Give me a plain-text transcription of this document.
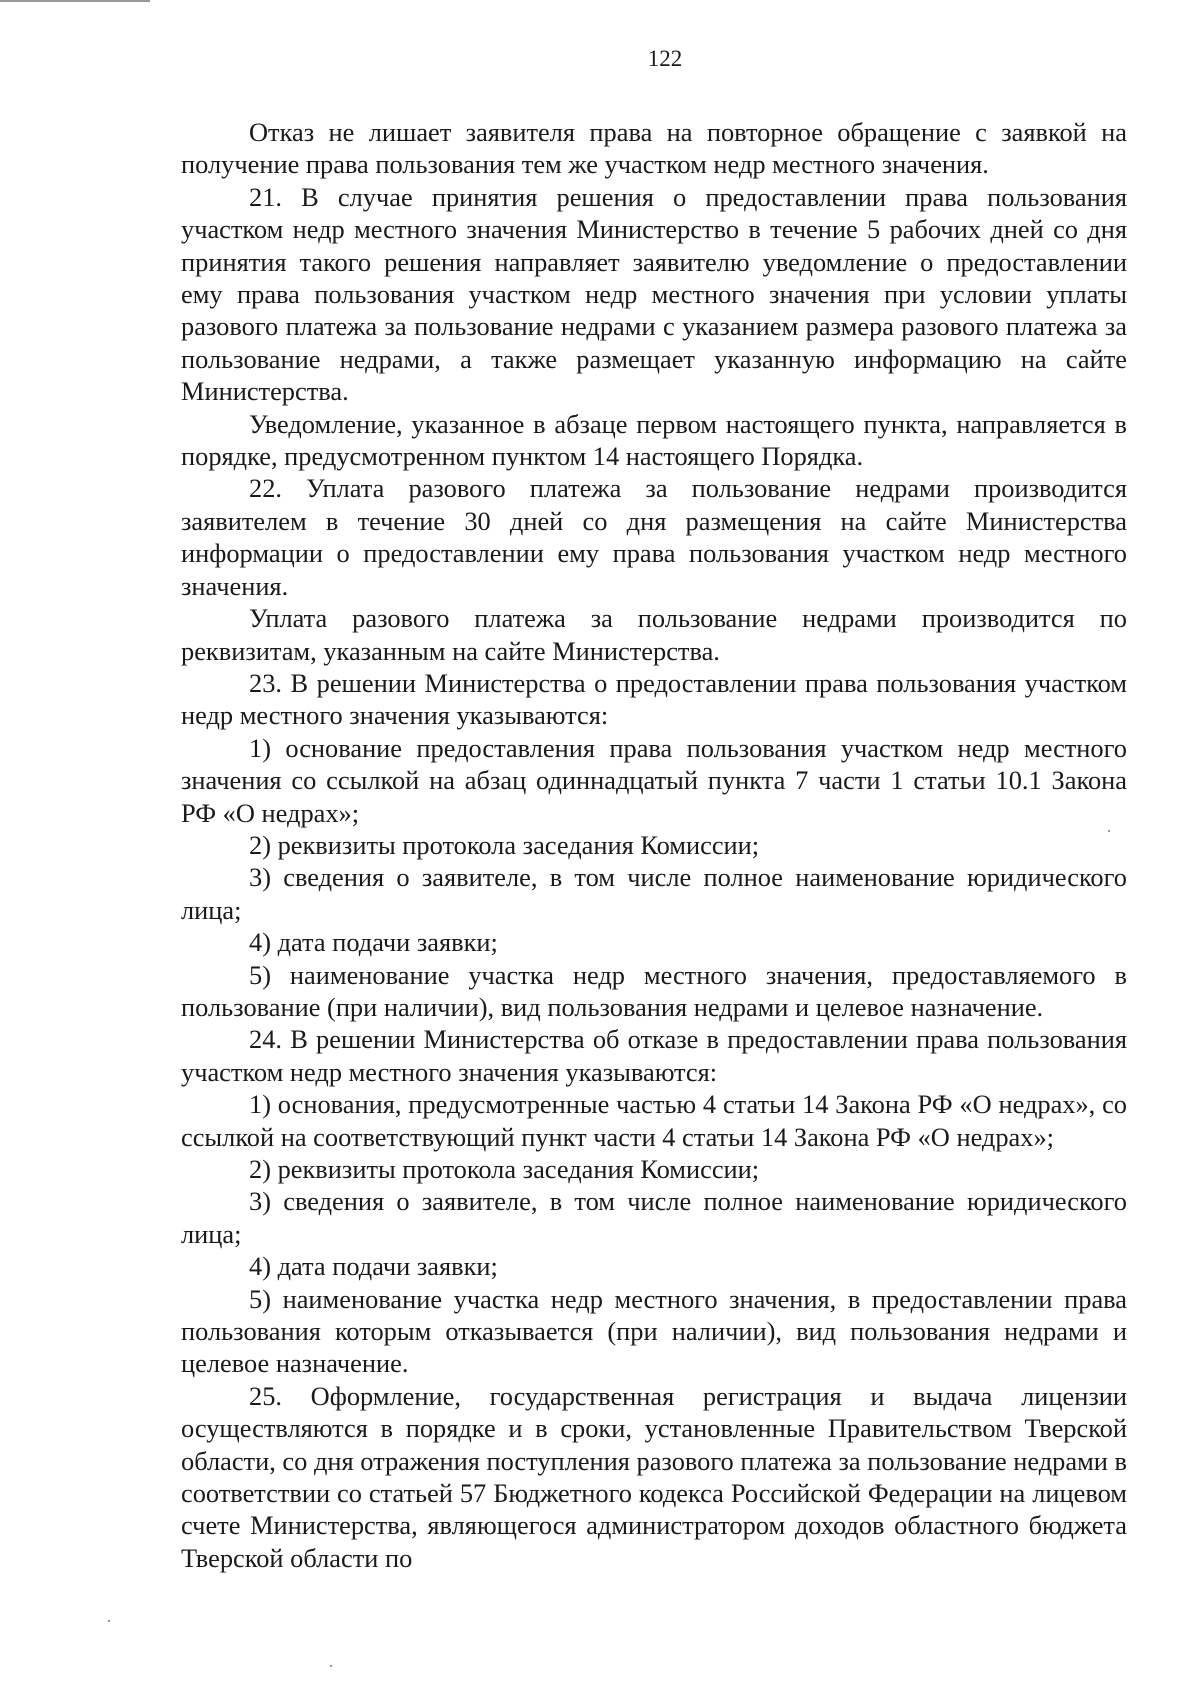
122

Отказ не лишает заявителя права на повторное обращение с заявкой на получение права пользования тем же участком недр местного значения.

21. В случае принятия решения о предоставлении права пользования участком недр местного значения Министерство в течение 5 рабочих дней со дня принятия такого решения направляет заявителю уведомление о предоставлении ему права пользования участком недр местного значения при условии уплаты разового платежа за пользование недрами с указанием размера разового платежа за пользование недрами, а также размещает указанную информацию на сайте Министерства.

Уведомление, указанное в абзаце первом настоящего пункта, направляется в порядке, предусмотренном пунктом 14 настоящего Порядка.

22. Уплата разового платежа за пользование недрами производится заявителем в течение 30 дней со дня размещения на сайте Министерства информации о предоставлении ему права пользования участком недр местного значения.

Уплата разового платежа за пользование недрами производится по реквизитам, указанным на сайте Министерства.

23. В решении Министерства о предоставлении права пользования участком недр местного значения указываются:

1) основание предоставления права пользования участком недр местного значения со ссылкой на абзац одиннадцатый пункта 7 части 1 статьи 10.1 Закона РФ «О недрах»;

2) реквизиты протокола заседания Комиссии;

3) сведения о заявителе, в том числе полное наименование юридического лица;

4) дата подачи заявки;

5) наименование участка недр местного значения, предоставляемого в пользование (при наличии), вид пользования недрами и целевое назначение.

24. В решении Министерства об отказе в предоставлении права пользования участком недр местного значения указываются:

1) основания, предусмотренные частью 4 статьи 14 Закона РФ «О недрах», со ссылкой на соответствующий пункт части 4 статьи 14 Закона РФ «О недрах»;

2) реквизиты протокола заседания Комиссии;

3) сведения о заявителе, в том числе полное наименование юридического лица;

4) дата подачи заявки;

5) наименование участка недр местного значения, в предоставлении права пользования которым отказывается (при наличии), вид пользования недрами и целевое назначение.

25. Оформление, государственная регистрация и выдача лицензии осуществляются в порядке и в сроки, установленные Правительством Тверской области, со дня отражения поступления разового платежа за пользование недрами в соответствии со статьей 57 Бюджетного кодекса Российской Федерации на лицевом счете Министерства, являющегося администратором доходов областного бюджета Тверской области по
